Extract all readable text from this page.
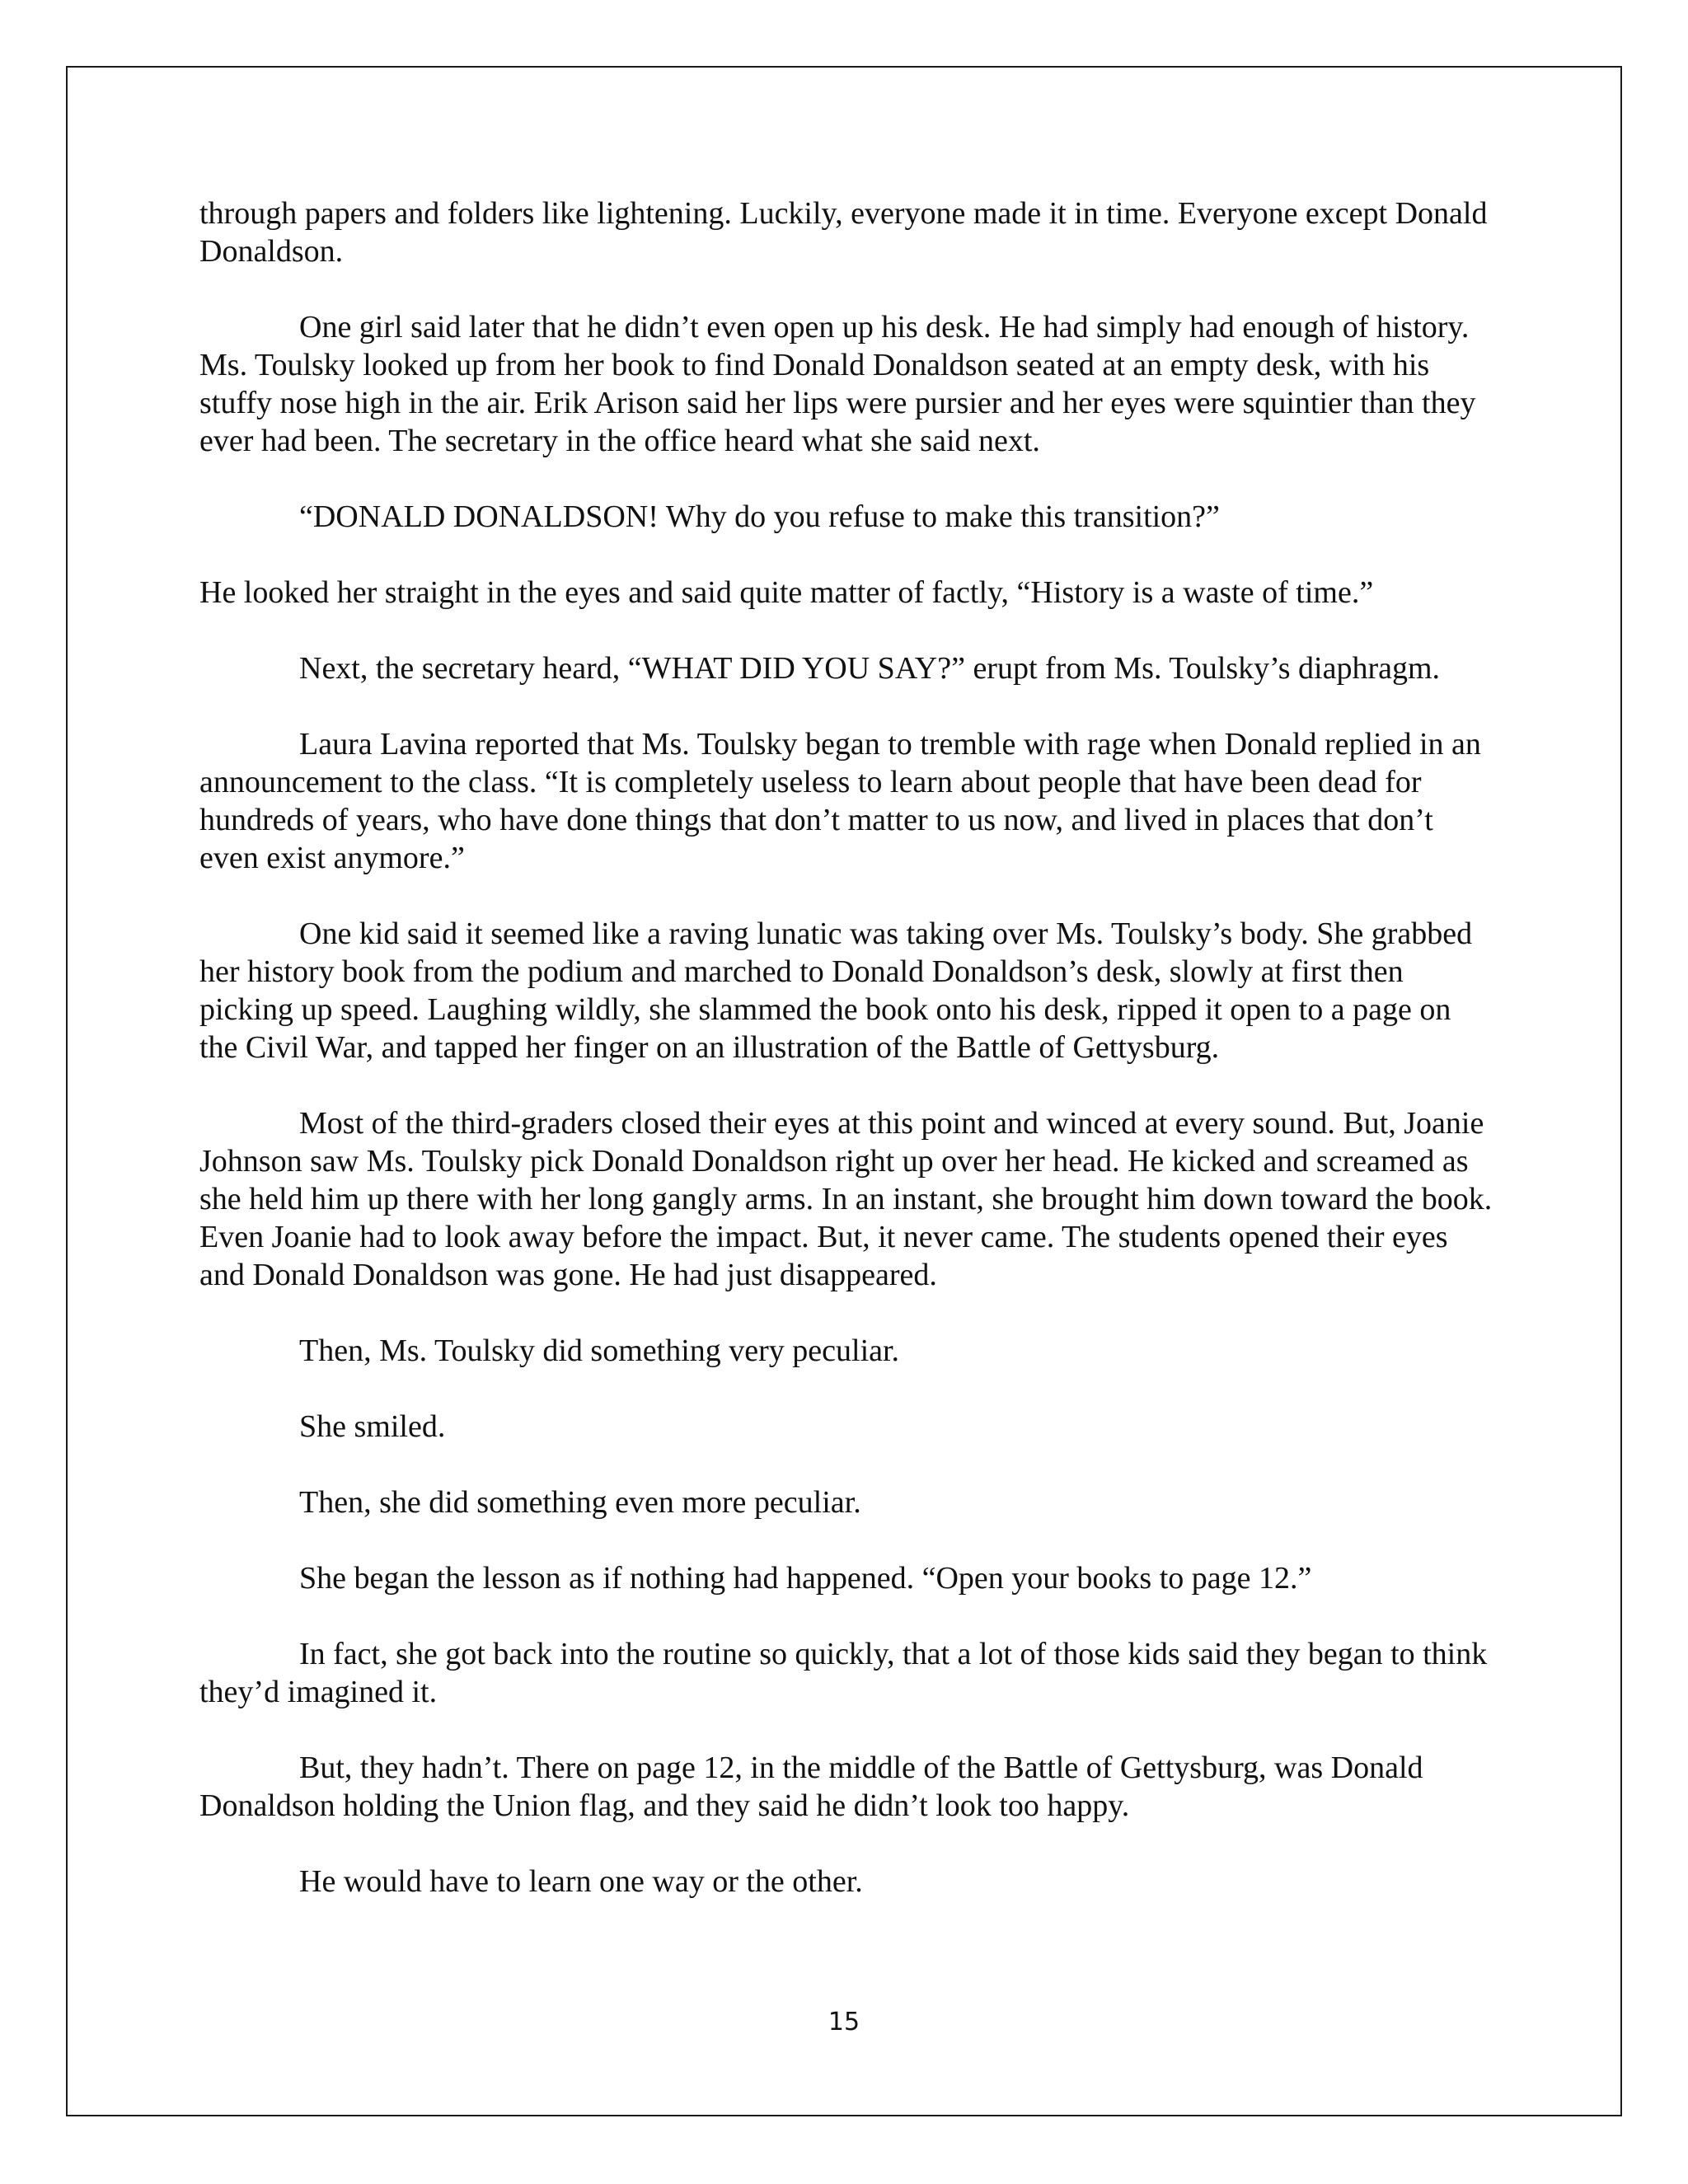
through papers and folders like lightening. Luckily, everyone made it in time. Everyone except Donald Donaldson.

One girl said later that he didn’t even open up his desk. He had simply had enough of history. Ms. Toulsky looked up from her book to find Donald Donaldson seated at an empty desk, with his stuffy nose high in the air. Erik Arison said her lips were pursier and her eyes were squintier than they ever had been. The secretary in the office heard what she said next.

“DONALD DONALDSON! Why do you refuse to make this transition?”

He looked her straight in the eyes and said quite matter of factly, “History is a waste of time.”

Next, the secretary heard, “WHAT DID YOU SAY?” erupt from Ms. Toulsky’s diaphragm.

Laura Lavina reported that Ms. Toulsky began to tremble with rage when Donald replied in an announcement to the class. “It is completely useless to learn about people that have been dead for hundreds of years, who have done things that don’t matter to us now, and lived in places that don’t even exist anymore.”

One kid said it seemed like a raving lunatic was taking over Ms. Toulsky’s body. She grabbed her history book from the podium and marched to Donald Donaldson’s desk, slowly at first then picking up speed. Laughing wildly, she slammed the book onto his desk, ripped it open to a page on the Civil War, and tapped her finger on an illustration of the Battle of Gettysburg.

Most of the third-graders closed their eyes at this point and winced at every sound. But, Joanie Johnson saw Ms. Toulsky pick Donald Donaldson right up over her head. He kicked and screamed as she held him up there with her long gangly arms. In an instant, she brought him down toward the book. Even Joanie had to look away before the impact. But, it never came. The students opened their eyes and Donald Donaldson was gone. He had just disappeared.

Then, Ms. Toulsky did something very peculiar.

She smiled.

Then, she did something even more peculiar.

She began the lesson as if nothing had happened. “Open your books to page 12.”

In fact, she got back into the routine so quickly, that a lot of those kids said they began to think they’d imagined it.

But, they hadn’t. There on page 12, in the middle of the Battle of Gettysburg, was Donald Donaldson holding the Union flag, and they said he didn’t look too happy.

He would have to learn one way or the other.

15
